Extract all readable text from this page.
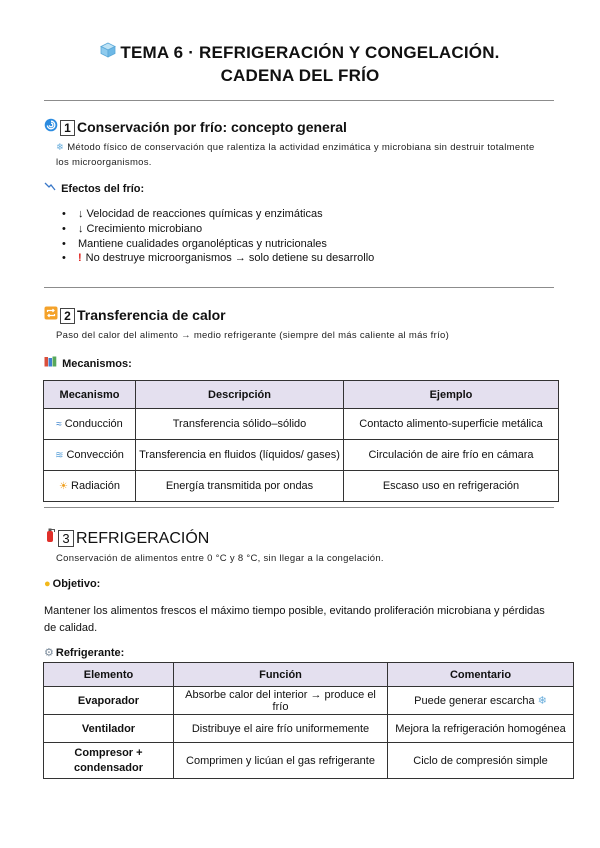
TEMA 6 · REFRIGERACIÓN Y CONGELACIÓN.
CADENA DEL FRÍO
1 Conservación por frío: concepto general
❄ Método físico de conservación que ralentiza la actividad enzimática y microbiana sin destruir totalmente los microorganismos.
Efectos del frío:
• ↓ Velocidad de reacciones químicas y enzimáticas
• ↓ Crecimiento microbiano
• Mantiene cualidades organolépticas y nutricionales
• ! No destruye microorganismos → solo detiene su desarrollo
2 Transferencia de calor
Paso del calor del alimento → medio refrigerante (siempre del más caliente al más frío)
Mecanismos:
Mecanismo	Descripción	Ejemplo
≈ Conducción	Transferencia sólido–sólido	Contacto alimento-superficie metálica
≋ Convección	Transferencia en fluidos (líquidos/ gases)	Circulación de aire frío en cámara
☀ Radiación	Energía transmitida por ondas	Escaso uso en refrigeración
3 REFRIGERACIÓN
Conservación de alimentos entre 0 °C y 8 °C, sin llegar a la congelación.
● Objetivo:
Mantener los alimentos frescos el máximo tiempo posible, evitando proliferación microbiana y pérdidas de calidad.
⚙ Refrigerante:
Elemento	Función	Comentario
Evaporador	Absorbe calor del interior → produce el frío	Puede generar escarcha ❄
Ventilador	Distribuye el aire frío uniformemente	Mejora la refrigeración homogénea
Compresor + condensador	Comprimen y licúan el gas refrigerante	Ciclo de compresión simple
